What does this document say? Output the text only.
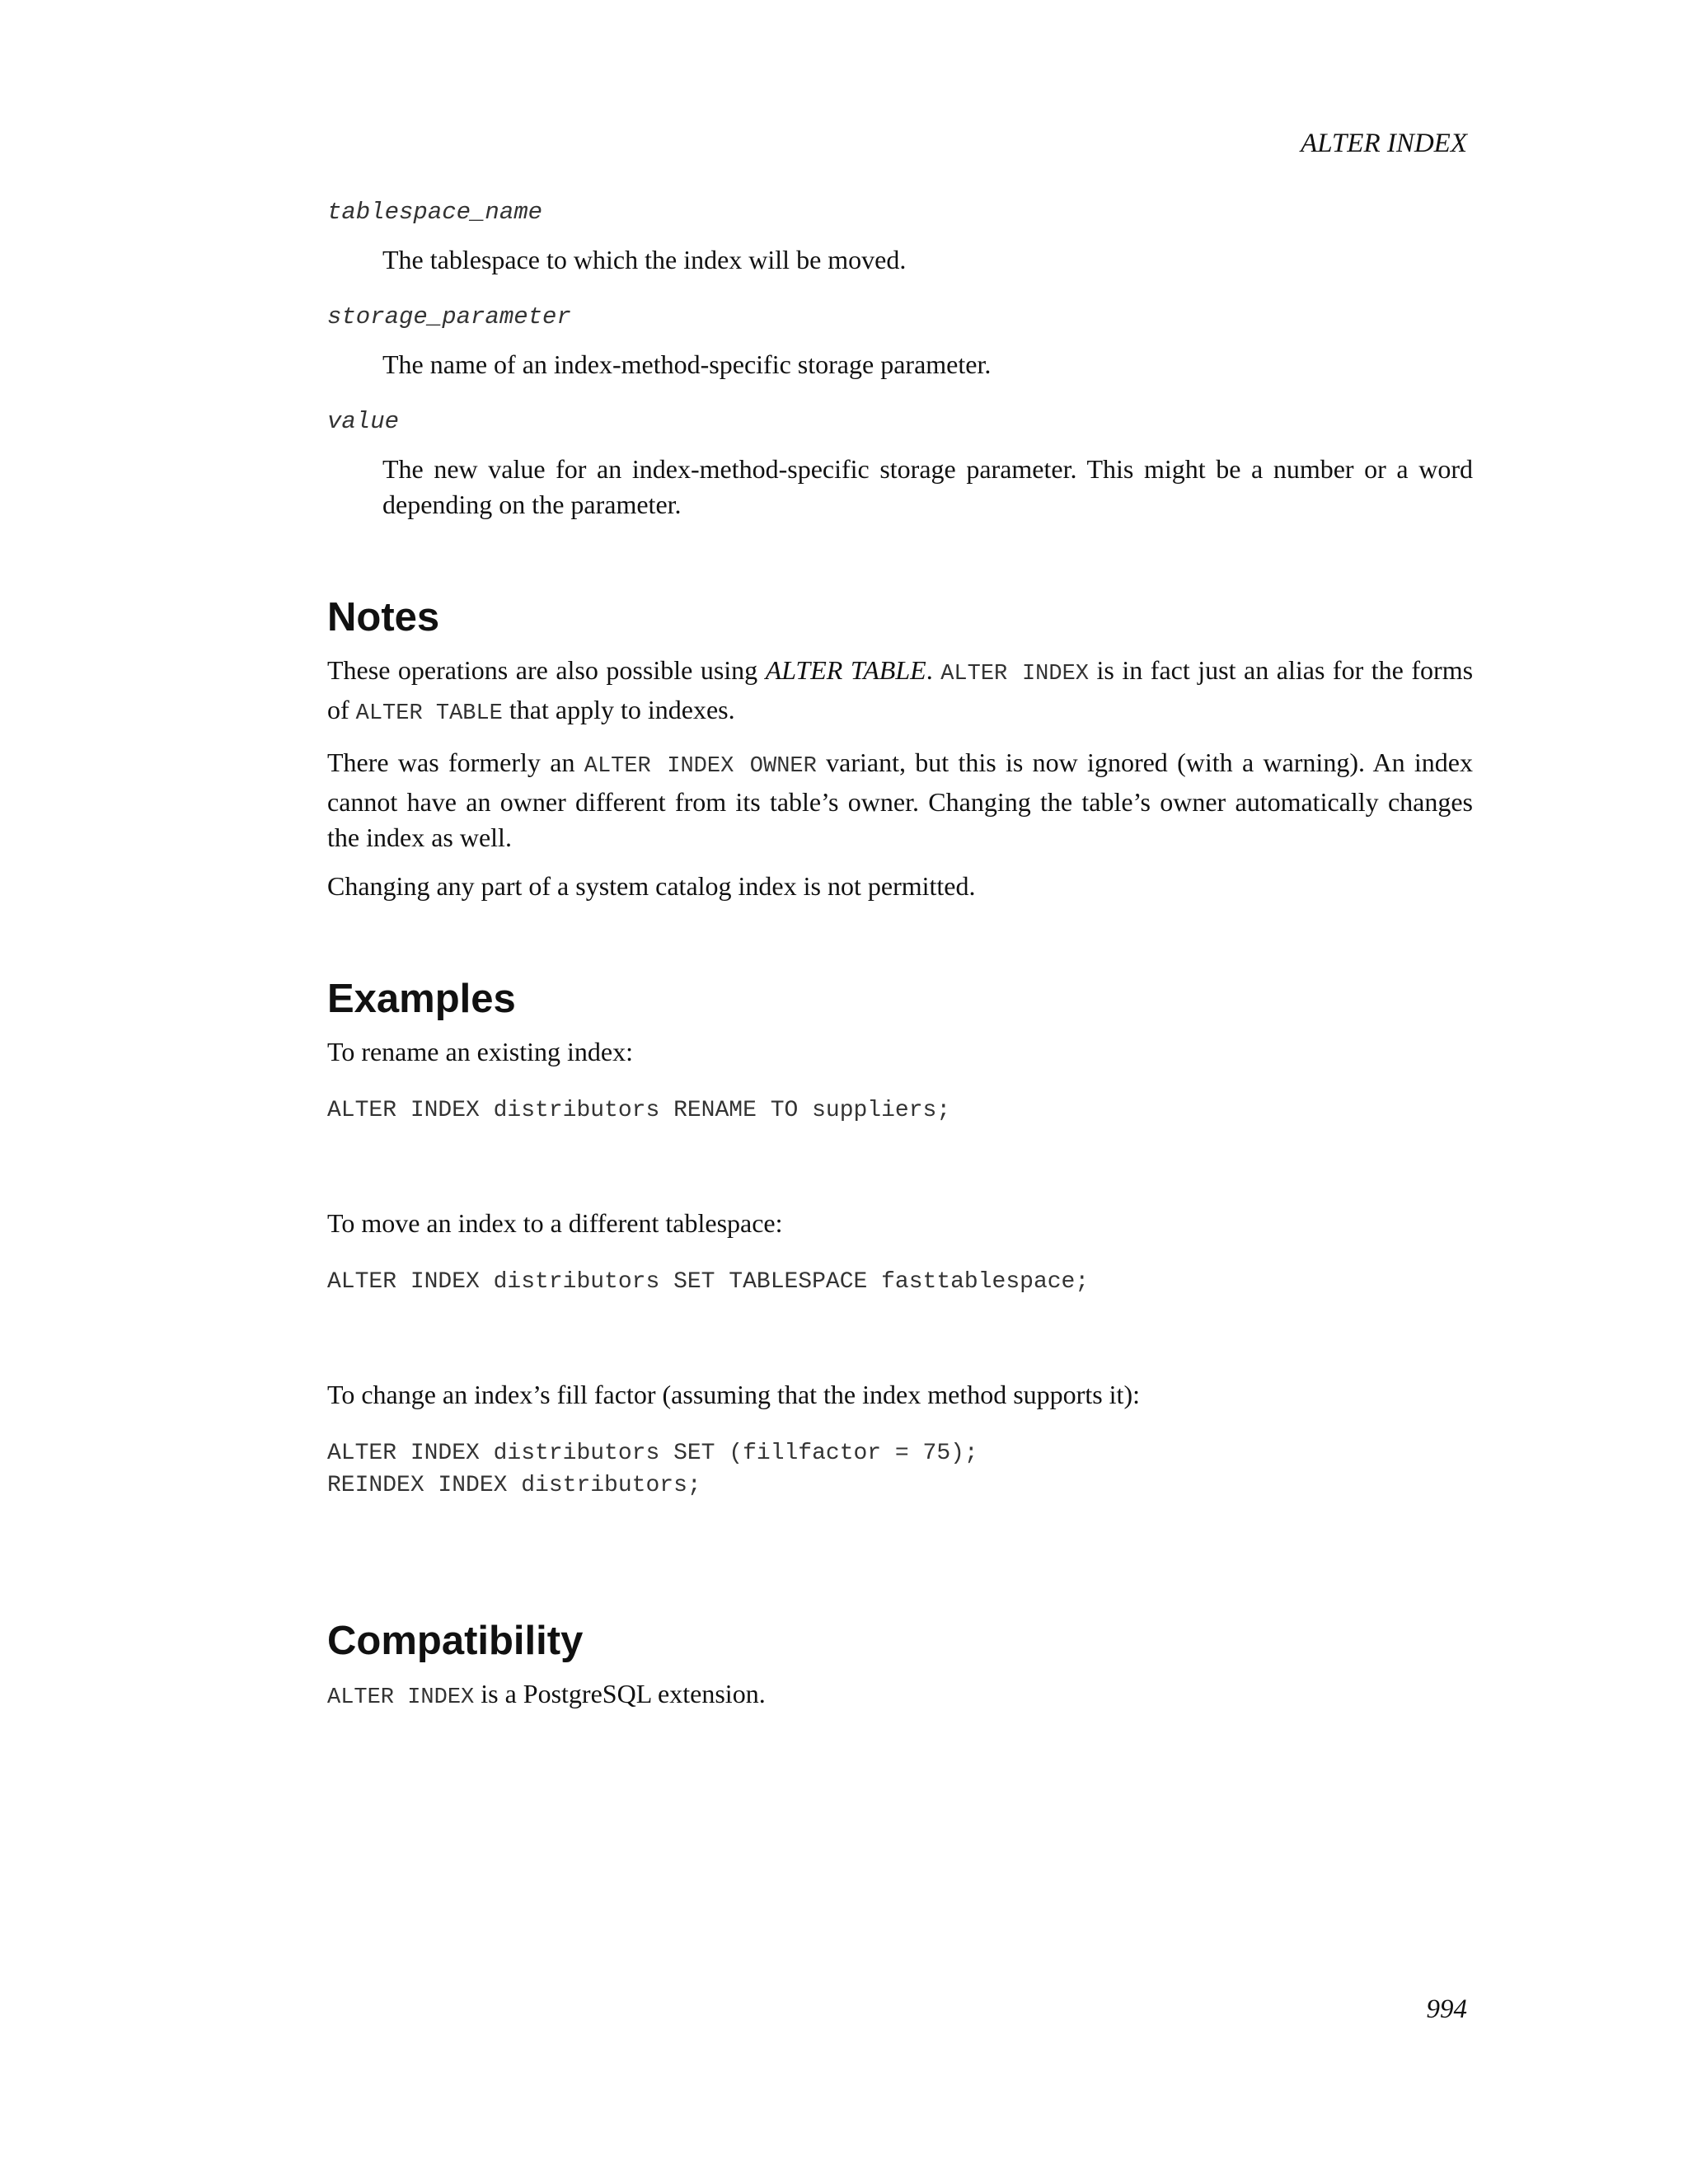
ALTER INDEX
tablespace_name
The tablespace to which the index will be moved.
storage_parameter
The name of an index-method-specific storage parameter.
value
The new value for an index-method-specific storage parameter. This might be a number or a word depending on the parameter.
Notes

These operations are also possible using ALTER TABLE. ALTER INDEX is in fact just an alias for the forms of ALTER TABLE that apply to indexes.

There was formerly an ALTER INDEX OWNER variant, but this is now ignored (with a warning). An index cannot have an owner different from its table’s owner. Changing the table’s owner automatically changes the index as well.

Changing any part of a system catalog index is not permitted.

Examples
To rename an existing index:
ALTER INDEX distributors RENAME TO suppliers;
To move an index to a different tablespace:
ALTER INDEX distributors SET TABLESPACE fasttablespace;
To change an index’s fill factor (assuming that the index method supports it):
ALTER INDEX distributors SET (fillfactor = 75);
REINDEX INDEX distributors;
Compatibility

ALTER INDEX is a PostgreSQL extension.

994
